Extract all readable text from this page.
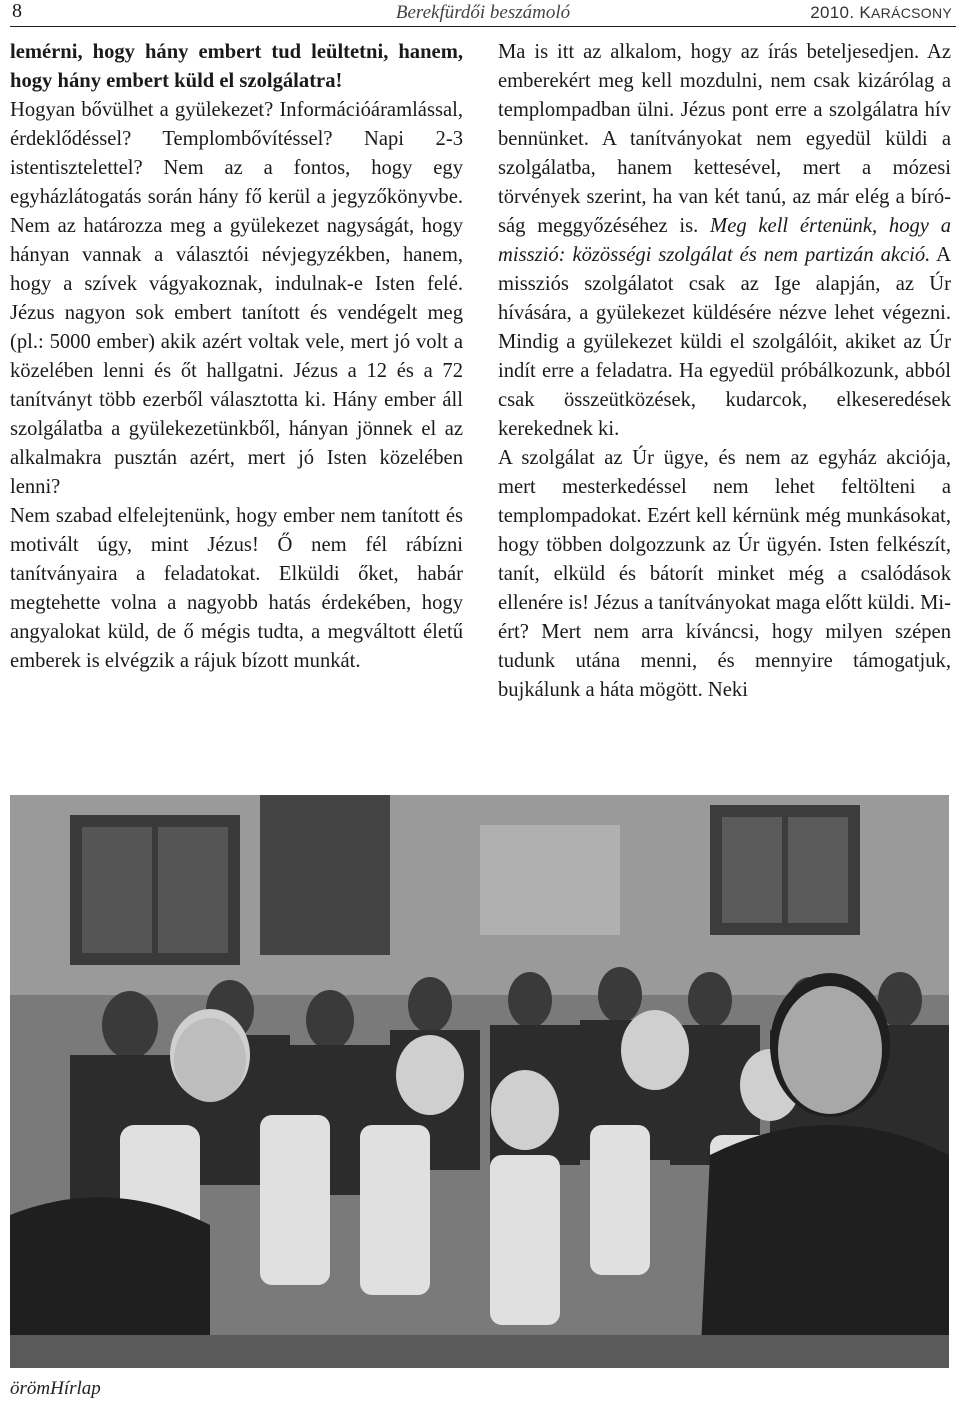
8	Berekfürdői beszámoló	2010. KARÁCSONY

lemérni, hogy hány embert tud leültetni, hanem, hogy hány embert küld el szolgálatra!

Hogyan bővülhet a gyülekezet? Információáramlással, érdeklődéssel? Templombővítéssel? Napi 2-3 istentisztelettel? Nem az a fontos, hogy egy egyházlátogatás során hány fő kerül a jegyzőkönyvbe. Nem az határozza meg a gyülekezet nagyságát, hogy hányan vannak a választói névjegyzékben, hanem, hogy a szívek vágyakoznak, indulnak-e Isten felé. Jézus nagyon sok embert tanított és vendégelt meg (pl.: 5000 ember) akik azért voltak vele, mert jó volt a közelében lenni és őt hallgatni. Jézus a 12 és a 72 tanítványt több ezerből választotta ki. Hány ember áll szolgálatba a gyülekezetünkből, hányan jönnek el az alkalmakra pusztán azért, mert jó Isten közelében lenni?

Nem szabad elfelejtenünk, hogy ember nem tanított és motivált úgy, mint Jézus! Ő nem fél rábízni tanítványaira a feladatokat. Elküldi őket, habár megtehette volna a nagyobb hatás érdekében, hogy angyalokat küld, de ő mégis tudta, a megváltott életű emberek is elvégzik a rájuk bízott munkát.

Ma is itt az alkalom, hogy az írás beteljesedjen. Az emberekért meg kell mozdulni, nem csak kizárólag a templompadban ülni. Jézus pont erre a szolgálatra hív bennünket. A tanítványokat nem egyedül küldi a szolgálatba, hanem kettesével, mert a mózesi törvények szerint, ha van két tanú, az már elég a bíróság meggyőzéséhez is. Meg kell értenünk, hogy a misszió: közösségi szolgálat és nem partizán akció. A missziós szolgálatot csak az Ige alapján, az Úr hívására, a gyülekezet küldésére nézve lehet végezni. Mindig a gyülekezet küldi el szolgálóit, akiket az Úr indít erre a feladatra. Ha egyedül próbálkozunk, abból csak összeütközések, kudarcok, elkeseredések kerekednek ki.

A szolgálat az Úr ügye, és nem az egyház akciója, mert mesterkedéssel nem lehet feltölteni a templompadokat. Ezért kell kérnünk még munkásokat, hogy többen dolgozzunk az Úr ügyén. Isten felkészít, tanít, elküld és bátorít minket még a csalódások ellenére is! Jézus a tanítványokat maga előtt küldi. Miért? Mert nem arra kíváncsi, hogy milyen szépen tudunk utána menni, és mennyire támogatjuk, bujkálunk a háta mögött. Neki

örömHírlap
